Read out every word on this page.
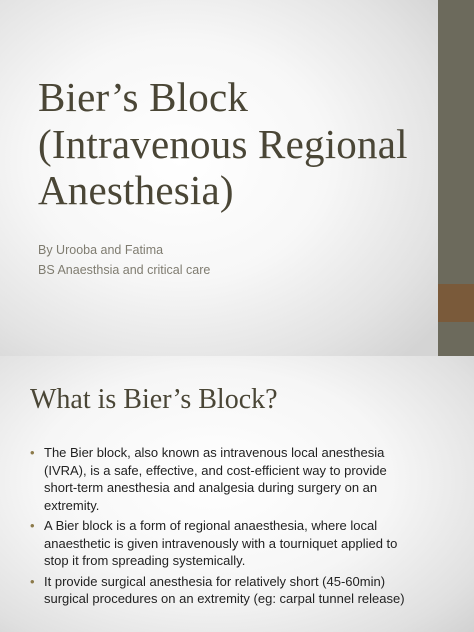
Bier’s Block (Intravenous Regional Anesthesia)
By Urooba and Fatima
BS Anaesthsia and critical care
What is Bier’s Block?
• The Bier block, also known as intravenous local anesthesia (IVRA), is a safe, effective, and cost-efficient way to provide short-term anesthesia and analgesia during surgery on an extremity.
• A Bier block is a form of regional anaesthesia, where local anaesthetic is given intravenously with a tourniquet applied to stop it from spreading systemically.
• It provide surgical anesthesia for relatively short (45-60min) surgical procedures on an extremity (eg: carpal tunnel release)
